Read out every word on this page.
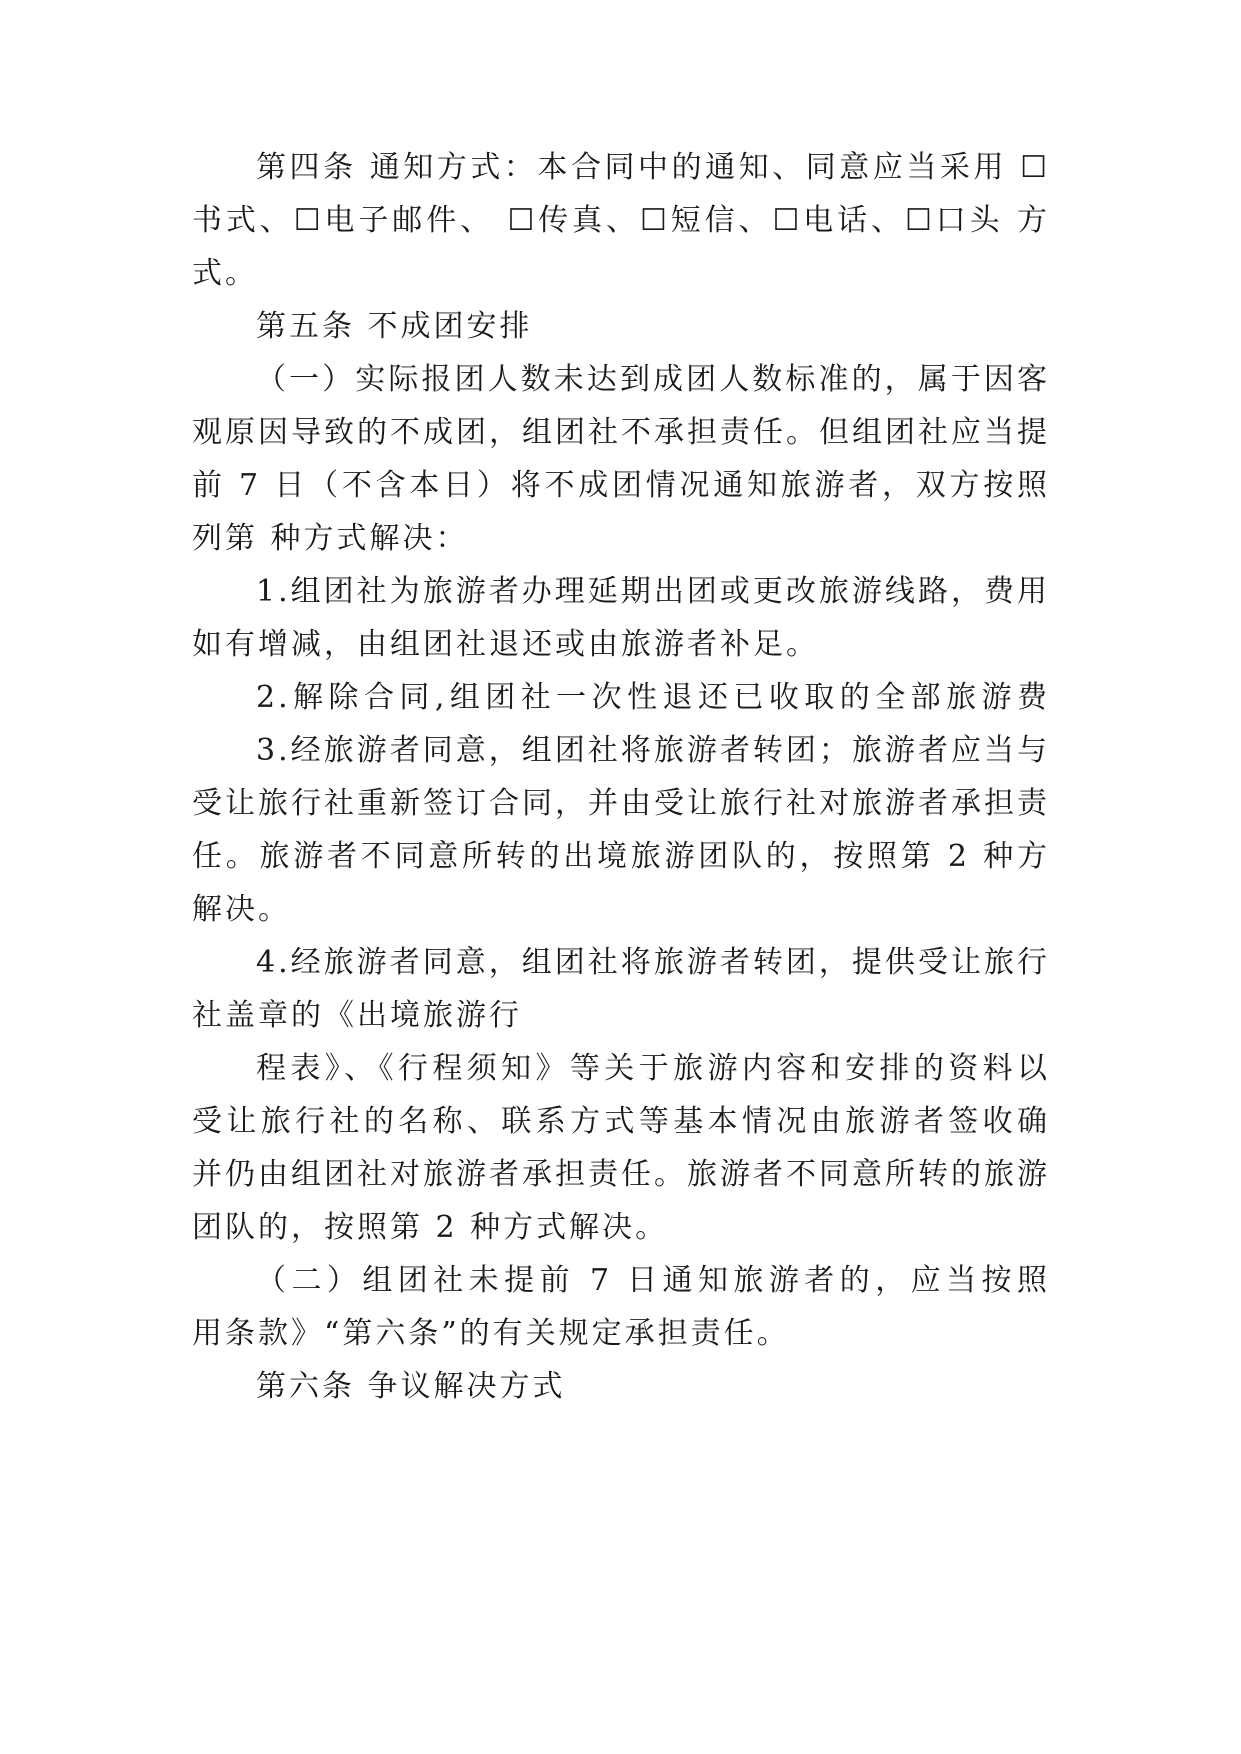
第四条 通知方式：本合同中的通知、同意应当采用 ☐
书式、☐电子邮件、 ☐传真、☐短信、☐电话、☐口头 方
式。
第五条 不成团安排
（一）实际报团人数未达到成团人数标准的，属于因客
观原因导致的不成团，组团社不承担责任。但组团社应当提
前 7 日（不含本日）将不成团情况通知旅游者，双方按照
列第 种方式解决：
1.组团社为旅游者办理延期出团或更改旅游线路，费用
如有增减，由组团社退还或由旅游者补足。
2.解除合同,组团社一次性退还已收取的全部旅游费
3.经旅游者同意，组团社将旅游者转团；旅游者应当与
受让旅行社重新签订合同，并由受让旅行社对旅游者承担责
任。旅游者不同意所转的出境旅游团队的，按照第 2 种方
解决。
4.经旅游者同意，组团社将旅游者转团，提供受让旅行
社盖章的《出境旅游行
程表》、《行程须知》等关于旅游内容和安排的资料以
受让旅行社的名称、联系方式等基本情况由旅游者签收确
并仍由组团社对旅游者承担责任。旅游者不同意所转的旅游
团队的，按照第 2 种方式解决。
（二）组团社未提前 7 日通知旅游者的，应当按照
用条款》“第六条”的有关规定承担责任。
第六条 争议解决方式
